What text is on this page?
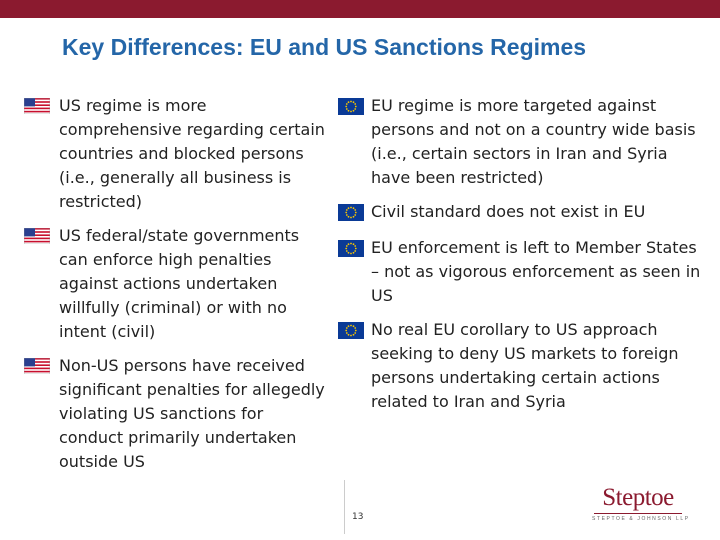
Key Differences: EU and US Sanctions Regimes
US regime is more comprehensive regarding certain countries and blocked persons (i.e., generally all business is restricted)
US federal/state governments can enforce high penalties against actions undertaken willfully (criminal) or with no intent (civil)
Non-US persons have received significant penalties for allegedly violating US sanctions for conduct primarily undertaken outside US
EU regime is more targeted against persons and not on a country wide basis (i.e., certain sectors in Iran and Syria have been restricted)
Civil standard does not exist in EU
EU enforcement is left to Member States – not as vigorous enforcement as seen in US
No real EU corollary to US approach seeking to deny US markets to foreign persons undertaking certain actions related to Iran and Syria
13
Steptoe
STEPTOE & JOHNSON LLP
